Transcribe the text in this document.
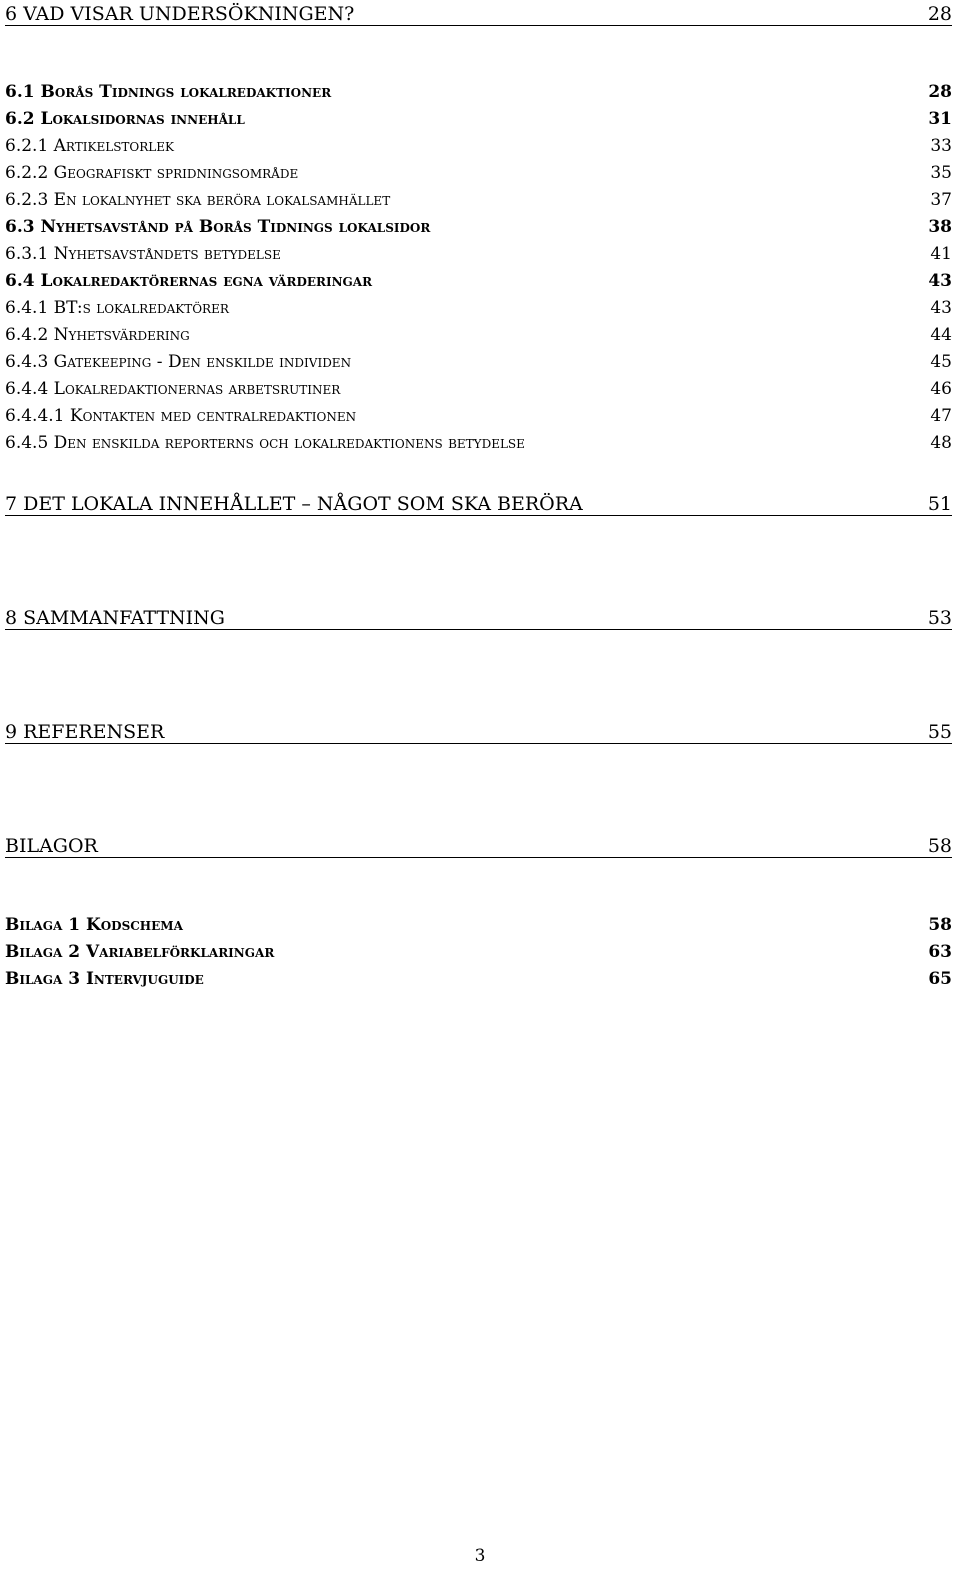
6 VAD VISAR UNDERSÖKNINGEN?	28
6.1 Borås Tidnings lokalredaktioner	28
6.2 Lokalsidornas innehåll	31
6.2.1 Artikelstorlek	33
6.2.2 Geografiskt spridningsområde	35
6.2.3 En lokalnyhet ska beröra lokalsamhället	37
6.3 Nyhetsavstånd på Borås Tidnings lokalsidor	38
6.3.1 Nyhetsavståndets betydelse	41
6.4 Lokalredaktörernas egna värderingar	43
6.4.1 BT:s lokalredaktörer	43
6.4.2 Nyhetsvärdering	44
6.4.3 Gatekeeping - Den enskilde individen	45
6.4.4 Lokalredaktionernas arbetsrutiner	46
6.4.4.1 Kontakten med centralredaktionen	47
6.4.5 Den enskilda reporterns och lokalredaktionens betydelse	48
7 DET LOKALA INNEHÅLLET – NÅGOT SOM SKA BERÖRA	51
8 SAMMANFATTNING	53
9 REFERENSER	55
BILAGOR	58
Bilaga 1 Kodschema	58
Bilaga 2 Variabelförklaringar	63
Bilaga 3 Intervjuguide	65
3
